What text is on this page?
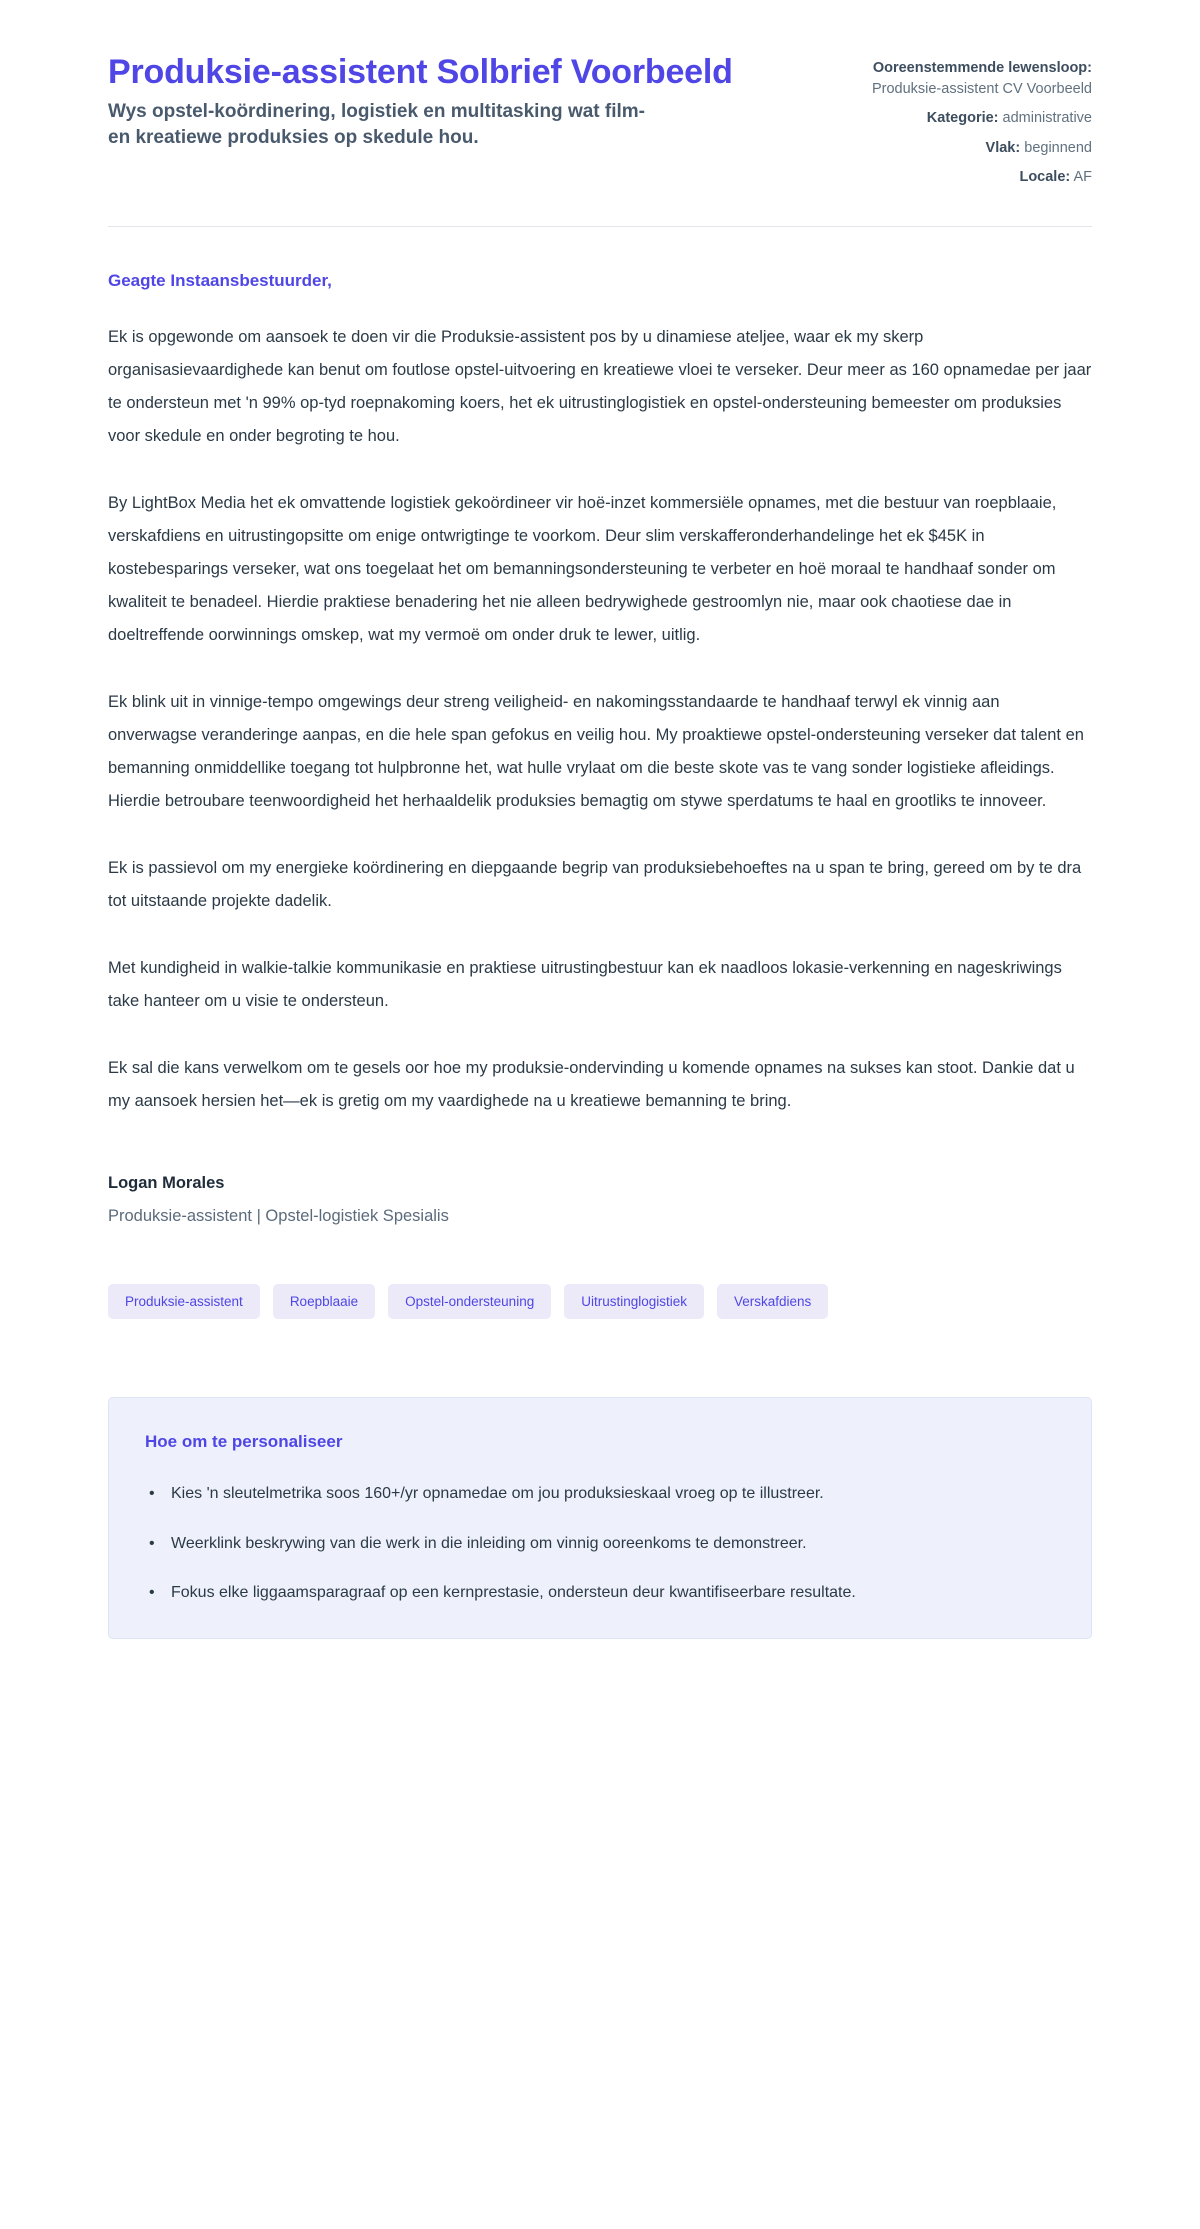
Produksie-assistent Solbrief Voorbeeld

Wys opstel-koördinering, logistiek en multitasking wat film- en kreatiewe produksies op skedule hou.

Ooreenstemmende lewensloop: Produksie-assistent CV Voorbeeld
Kategorie: administrative
Vlak: beginnend
Locale: AF

Geagte Instaansbestuurder,

Ek is opgewonde om aansoek te doen vir die Produksie-assistent pos by u dinamiese ateljee, waar ek my skerp organisasievaardighede kan benut om foutlose opstel-uitvoering en kreatiewe vloei te verseker. Deur meer as 160 opnamedae per jaar te ondersteun met 'n 99% op-tyd roepnakoming koers, het ek uitrustinglogistiek en opstel-ondersteuning bemeester om produksies voor skedule en onder begroting te hou.

By LightBox Media het ek omvattende logistiek gekoördineer vir hoë-inzet kommersiële opnames, met die bestuur van roepblaaie, verskafdiens en uitrustingopsitte om enige ontwrigtinge te voorkom. Deur slim verskafferonderhandelinge het ek $45K in kostebesparings verseker, wat ons toegelaat het om bemanningsondersteuning te verbeter en hoë moraal te handhaaf sonder om kwaliteit te benadeel. Hierdie praktiese benadering het nie alleen bedrywighede gestroomlyn nie, maar ook chaotiese dae in doeltreffende oorwinnings omskep, wat my vermoë om onder druk te lewer, uitlig.

Ek blink uit in vinnige-tempo omgewings deur streng veiligheid- en nakomingsstandaarde te handhaaf terwyl ek vinnig aan onverwagse veranderinge aanpas, en die hele span gefokus en veilig hou. My proaktiewe opstel-ondersteuning verseker dat talent en bemanning onmiddellike toegang tot hulpbronne het, wat hulle vrylaat om die beste skote vas te vang sonder logistieke afleidings. Hierdie betroubare teenwoordigheid het herhaaldelik produksies bemagtig om stywe sperdatums te haal en grootliks te innoveer.

Ek is passievol om my energieke koördinering en diepgaande begrip van produksiebehoeftes na u span te bring, gereed om by te dra tot uitstaande projekte dadelik.

Met kundigheid in walkie-talkie kommunikasie en praktiese uitrustingbestuur kan ek naadloos lokasie-verkenning en nageskriwings take hanteer om u visie te ondersteun.

Ek sal die kans verwelkom om te gesels oor hoe my produksie-ondervinding u komende opnames na sukses kan stoot. Dankie dat u my aansoek hersien het—ek is gretig om my vaardighede na u kreatiewe bemanning te bring.

Logan Morales

Produksie-assistent | Opstel-logistiek Spesialis

Produksie-assistent	Roepblaaie	Opstel-ondersteuning	Uitrustinglogistiek	Verskafdiens

Hoe om te personaliseer

• Kies 'n sleutelmetrika soos 160+/yr opnamedae om jou produksieskaal vroeg op te illustreer.
• Weerklink beskrywing van die werk in die inleiding om vinnig ooreenkoms te demonstreer.
• Fokus elke liggaamsparagraaf op een kernprestasie, ondersteun deur kwantifiseerbare resultate.
